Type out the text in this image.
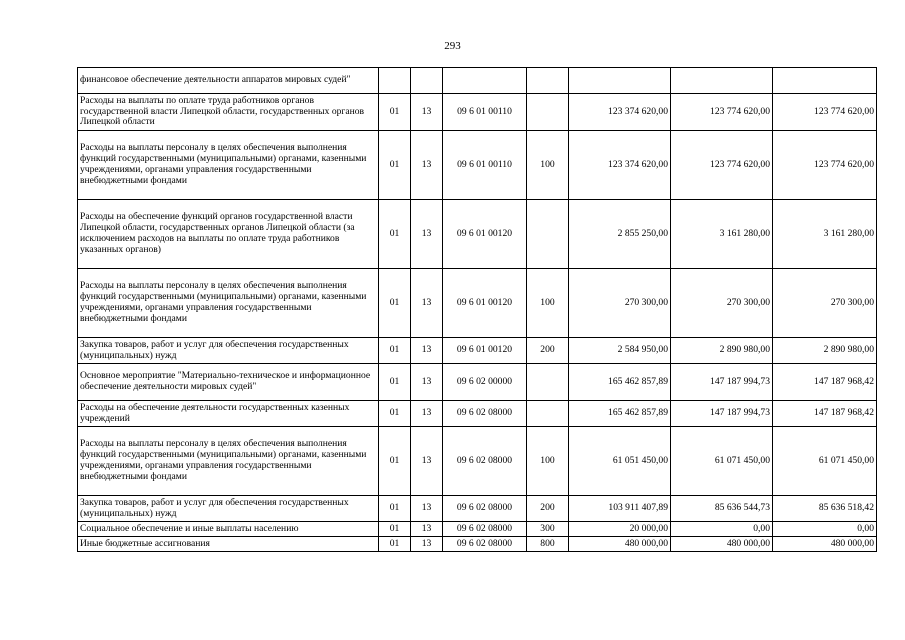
293
финансовое обеспечение деятельности аппаратов мировых судей"							
Расходы на выплаты по оплате труда работников органов государственной власти Липецкой области, государственных органов Липецкой области	01	13	09 6 01 00110		123 374 620,00	123 774 620,00	123 774 620,00
Расходы на выплаты персоналу в целях обеспечения выполнения функций государственными (муниципальными) органами, казенными учреждениями, органами управления государственными внебюджетными фондами	01	13	09 6 01 00110	100	123 374 620,00	123 774 620,00	123 774 620,00
Расходы на обеспечение функций органов государственной власти Липецкой области, государственных органов Липецкой области (за исключением расходов на выплаты по оплате труда работников указанных органов)	01	13	09 6 01 00120		2 855 250,00	3 161 280,00	3 161 280,00
Расходы на выплаты персоналу в целях обеспечения выполнения функций государственными (муниципальными) органами, казенными учреждениями, органами управления государственными внебюджетными фондами	01	13	09 6 01 00120	100	270 300,00	270 300,00	270 300,00
Закупка товаров, работ и услуг для обеспечения государственных (муниципальных) нужд	01	13	09 6 01 00120	200	2 584 950,00	2 890 980,00	2 890 980,00
Основное мероприятие "Материально-техническое и информационное обеспечение деятельности мировых судей"	01	13	09 6 02 00000		165 462 857,89	147 187 994,73	147 187 968,42
Расходы на обеспечение деятельности государственных казенных учреждений	01	13	09 6 02 08000		165 462 857,89	147 187 994,73	147 187 968,42
Расходы на выплаты персоналу в целях обеспечения выполнения функций государственными (муниципальными) органами, казенными учреждениями, органами управления государственными внебюджетными фондами	01	13	09 6 02 08000	100	61 051 450,00	61 071 450,00	61 071 450,00
Закупка товаров, работ и услуг для обеспечения государственных (муниципальных) нужд	01	13	09 6 02 08000	200	103 911 407,89	85 636 544,73	85 636 518,42
Социальное обеспечение и иные выплаты населению	01	13	09 6 02 08000	300	20 000,00	0,00	0,00
Иные бюджетные ассигнования	01	13	09 6 02 08000	800	480 000,00	480 000,00	480 000,00
